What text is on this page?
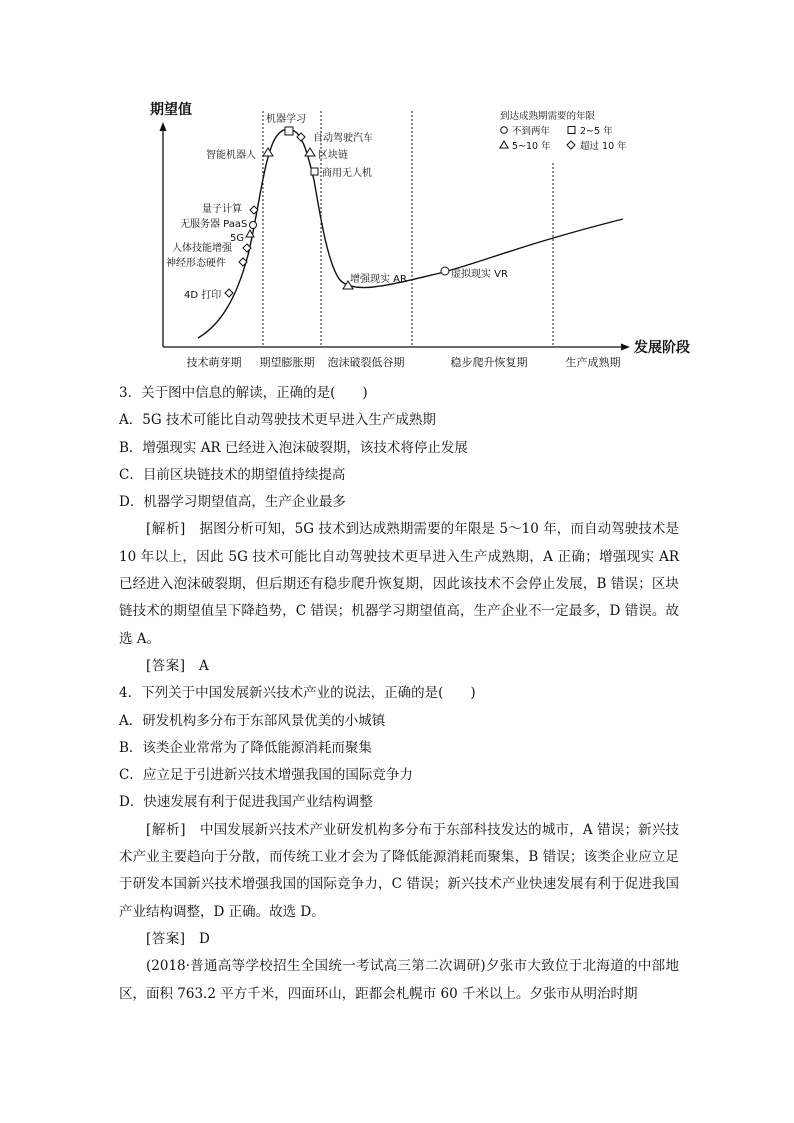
期望值
发展阶段
技术萌芽期 期望膨胀期 泡沫破裂低谷期	稳步爬升恢复期	生产成熟期
到达成熟期需要的年限
不到两年	2~5 年
5~10 年	超过 10 年
机器学习
自动驾驶汽车
智能机器人	区块链
商用无人机
量子计算
无服务器 PaaS
5G
人体技能增强
神经形态硬件
4D 打印
增强现实 AR	虚拟现实 VR
3．关于图中信息的解读，正确的是(　　)
A．5G 技术可能比自动驾驶技术更早进入生产成熟期
B．增强现实 AR 已经进入泡沫破裂期，该技术将停止发展
C．目前区块链技术的期望值持续提高
D．机器学习期望值高，生产企业最多
[解析]　 据图分析可知，5G 技术到达成熟期需要的年限是 5～10 年，而自动驾驶技术是 10 年以上，因此 5G 技术可能比自动驾驶技术更早进入生产成熟期，A 正确；增强现实 AR 已经进入泡沫破裂期，但后期还有稳步爬升恢复期，因此该技术不会停止发展，B 错误；区块链技术的期望值呈下降趋势，C 错误；机器学习期望值高，生产企业不一定最多，D 错误。故选 A。
[答案]　 A
4．下列关于中国发展新兴技术产业的说法，正确的是(　　)
A．研发机构多分布于东部风景优美的小城镇
B．该类企业常常为了降低能源消耗而聚集
C．应立足于引进新兴技术增强我国的国际竞争力
D．快速发展有利于促进我国产业结构调整
[解析]　 中国发展新兴技术产业研发机构多分布于东部科技发达的城市，A 错误；新兴技术产业主要趋向于分散，而传统工业才会为了降低能源消耗而聚集，B 错误；该类企业应立足于研发本国新兴技术增强我国的国际竞争力，C 错误；新兴技术产业快速发展有利于促进我国产业结构调整，D 正确。故选 D。
[答案]　 D
(2018·普通高等学校招生全国统一考试高三第二次调研)夕张市大致位于北海道的中部地区，面积 763.2 平方千米，四面环山，距都会札幌市 60 千米以上。夕张市从明治时期
